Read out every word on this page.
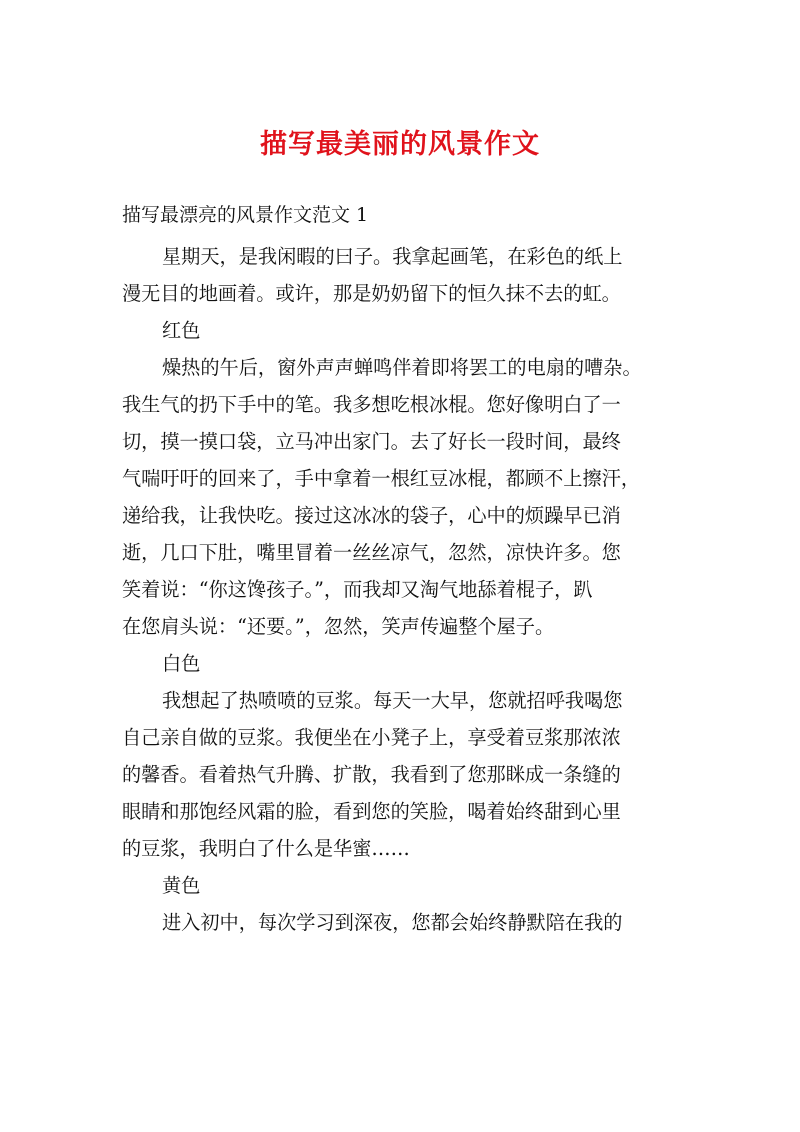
描写最美丽的风景作文

描写最漂亮的风景作文范文 1

星期天，是我闲暇的曰子。我拿起画笔，在彩色的纸上
漫无目的地画着。或许，那是奶奶留下的恒久抹不去的虹。
红色
燥热的午后，窗外声声蝉鸣伴着即将罢工的电扇的嘈杂。
我生气的扔下手中的笔。我多想吃根冰棍。您好像明白了一
切，摸一摸口袋，立马冲出家门。去了好长一段时间，最终
气喘吁吁的回来了，手中拿着一根红豆冰棍，都顾不上擦汗，
递给我，让我快吃。接过这冰冰的袋子，心中的烦躁早已消
逝，几口下肚，嘴里冒着一丝丝凉气，忽然，凉快许多。您
笑着说：“你这馋孩子。”，而我却又淘气地舔着棍子，趴
在您肩头说：“还要。”，忽然，笑声传遍整个屋子。
白色
我想起了热喷喷的豆浆。每天一大早，您就招呼我喝您
自己亲自做的豆浆。我便坐在小凳子上，享受着豆浆那浓浓
的馨香。看着热气升腾、扩散，我看到了您那眯成一条缝的
眼睛和那饱经风霜的脸，看到您的笑脸，喝着始终甜到心里
的豆浆，我明白了什么是华蜜……
黄色
进入初中，每次学习到深夜，您都会始终静默陪在我的
